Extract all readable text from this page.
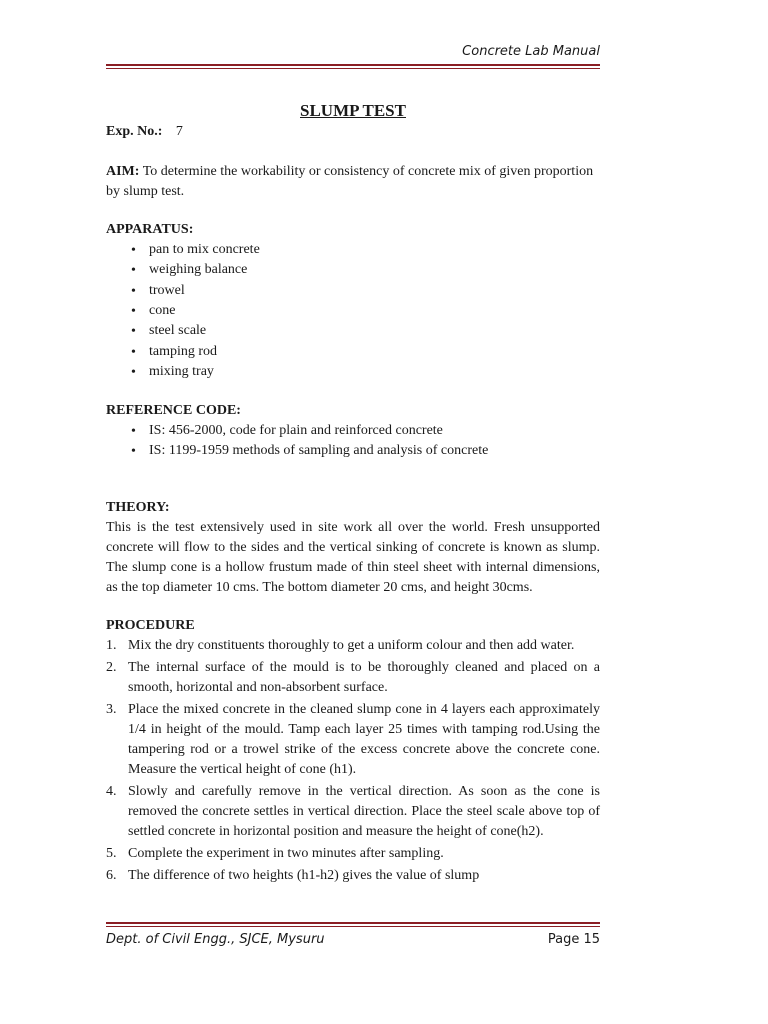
Concrete Lab Manual
SLUMP TEST
Exp. No.: 7
AIM: To determine the workability or consistency of concrete mix of given proportion
by slump test.
APPARATUS:
• pan to mix concrete
• weighing balance
• trowel
• cone
• steel scale
• tamping rod
• mixing tray
REFERENCE CODE:
• IS: 456-2000, code for plain and reinforced concrete
• IS: 1199-1959 methods of sampling and analysis of concrete
THEORY:
This is the test extensively used in site work all over the world. Fresh unsupported
concrete will flow to the sides and the vertical sinking of concrete is known as slump.
The slump cone is a hollow frustum made of thin steel sheet with internal dimensions,
as the top diameter 10 cms. The bottom diameter 20 cms, and height 30cms.
PROCEDURE
1. Mix the dry constituents thoroughly to get a uniform colour and then add water.
2. The internal surface of the mould is to be thoroughly cleaned and placed on a
smooth, horizontal and non-absorbent surface.
3. Place the mixed concrete in the cleaned slump cone in 4 layers each approximately
1/4 in height of the mould. Tamp each layer 25 times with tamping rod.Using the
tampering rod or a trowel strike of the excess concrete above the concrete cone.
Measure the vertical height of cone (h1).
4. Slowly and carefully remove in the vertical direction. As soon as the cone is
removed the concrete settles in vertical direction. Place the steel scale above top of
settled concrete in horizontal position and measure the height of cone(h2).
5. Complete the experiment in two minutes after sampling.
6. The difference of two heights (h1-h2) gives the value of slump
Dept. of Civil Engg., SJCE, Mysuru	Page 15
